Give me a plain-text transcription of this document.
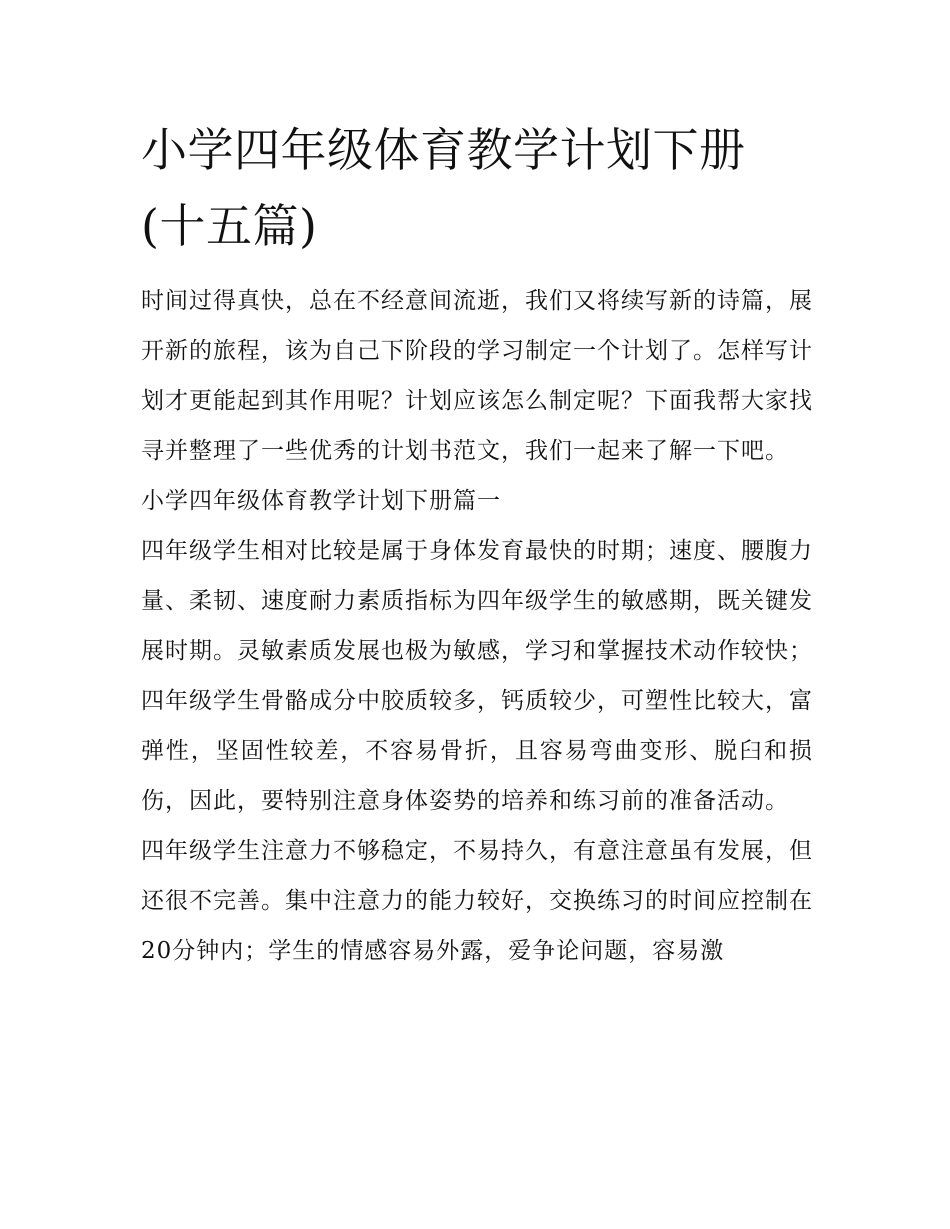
小学四年级体育教学计划下册
(十五篇)

时间过得真快，总在不经意间流逝，我们又将续写新的诗篇，展开新的旅程，该为自己下阶段的学习制定一个计划了。怎样写计划才更能起到其作用呢？计划应该怎么制定呢？下面我帮大家找寻并整理了一些优秀的计划书范文，我们一起来了解一下吧。

小学四年级体育教学计划下册篇一

四年级学生相对比较是属于身体发育最快的时期；速度、腰腹力量、柔韧、速度耐力素质指标为四年级学生的敏感期，既关键发展时期。灵敏素质发展也极为敏感，学习和掌握技术动作较快；四年级学生骨骼成分中胶质较多，钙质较少，可塑性比较大，富弹性，坚固性较差，不容易骨折，且容易弯曲变形、脱臼和损伤，因此，要特别注意身体姿势的培养和练习前的准备活动。

四年级学生注意力不够稳定，不易持久，有意注意虽有发展，但还很不完善。集中注意力的能力较好，交换练习的时间应控制在20分钟内；学生的情感容易外露，爱争论问题，容易激
